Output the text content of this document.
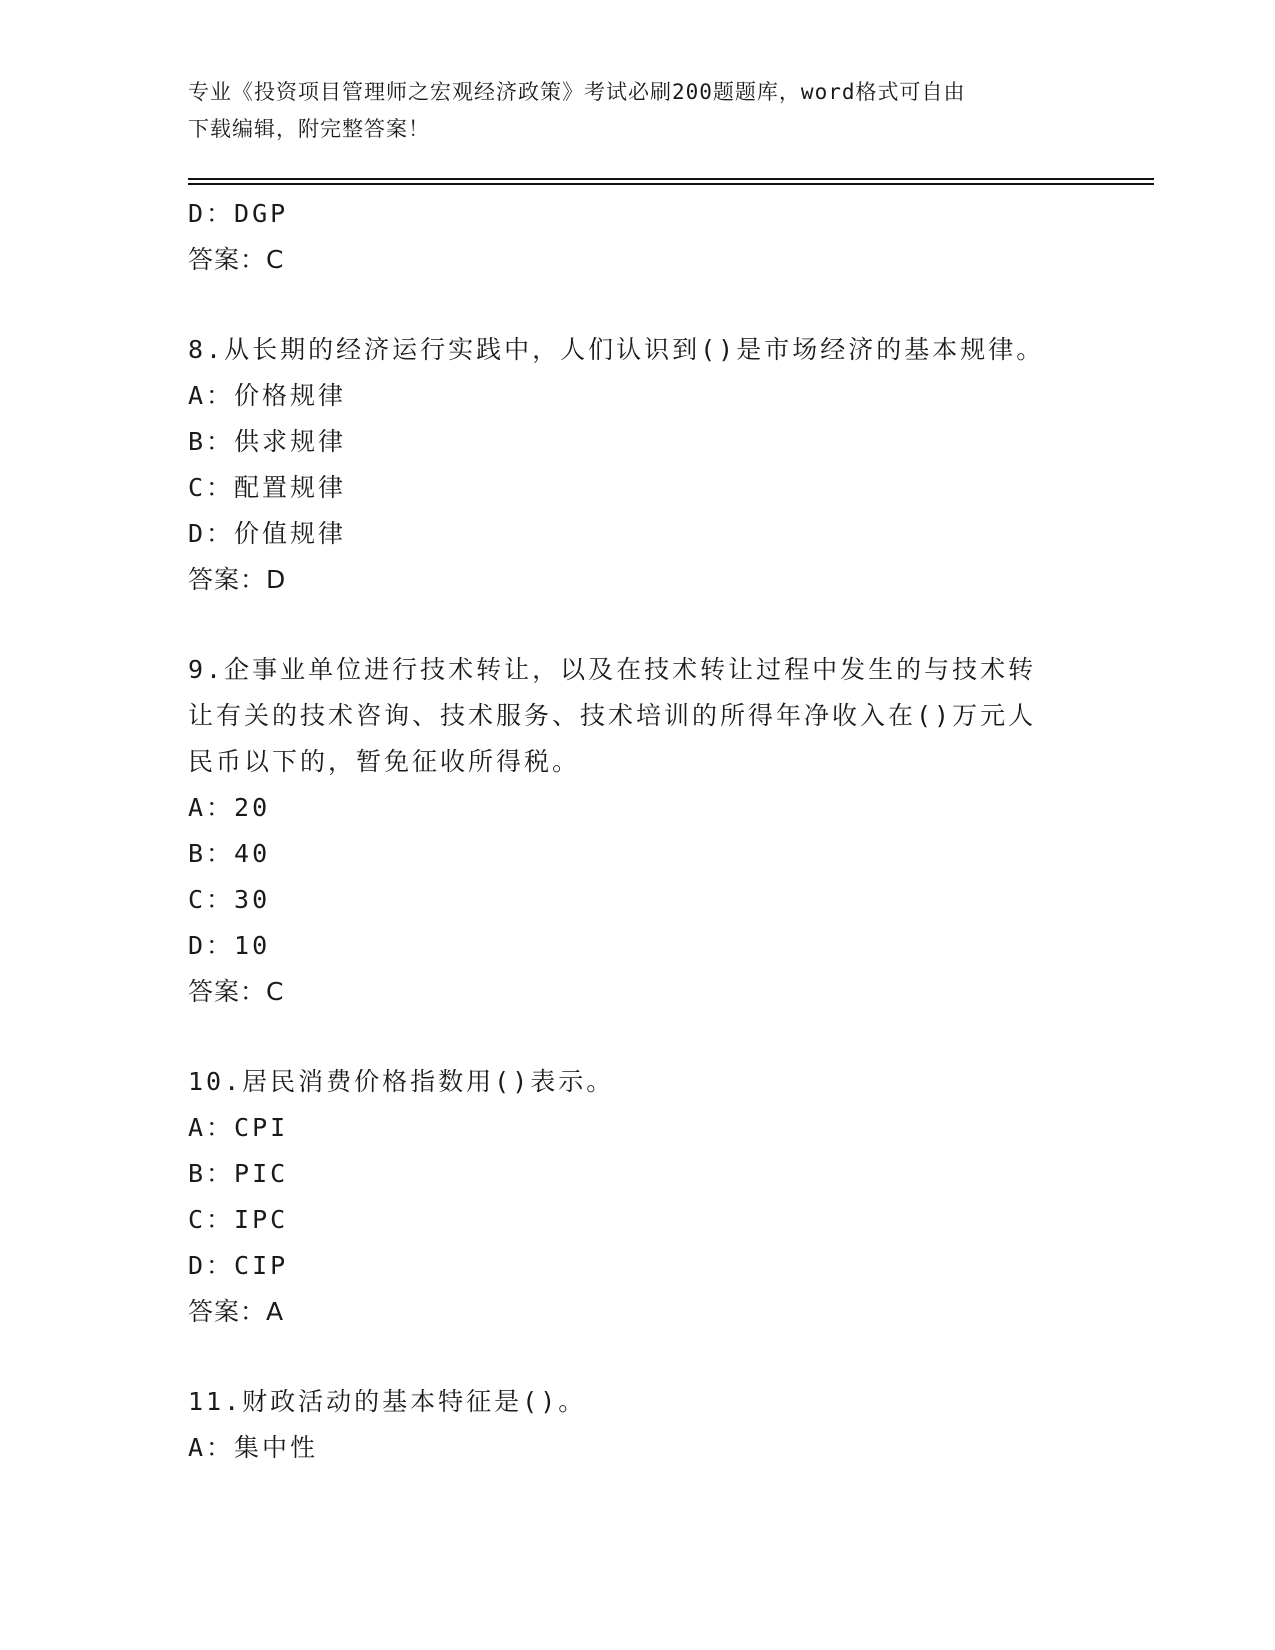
专业《投资项目管理师之宏观经济政策》考试必刷200题题库，word格式可自由
下载编辑，附完整答案！
D：DGP
答案：C
8.从长期的经济运行实践中，人们认识到()是市场经济的基本规律。
A：价格规律
B：供求规律
C：配置规律
D：价值规律
答案：D
9.企事业单位进行技术转让，以及在技术转让过程中发生的与技术转
让有关的技术咨询、技术服务、技术培训的所得年净收入在()万元人
民币以下的，暂免征收所得税。
A：20
B：40
C：30
D：10
答案：C
10.居民消费价格指数用()表示。
A：CPI
B：PIC
C：IPC
D：CIP
答案：A
11.财政活动的基本特征是()。
A：集中性
